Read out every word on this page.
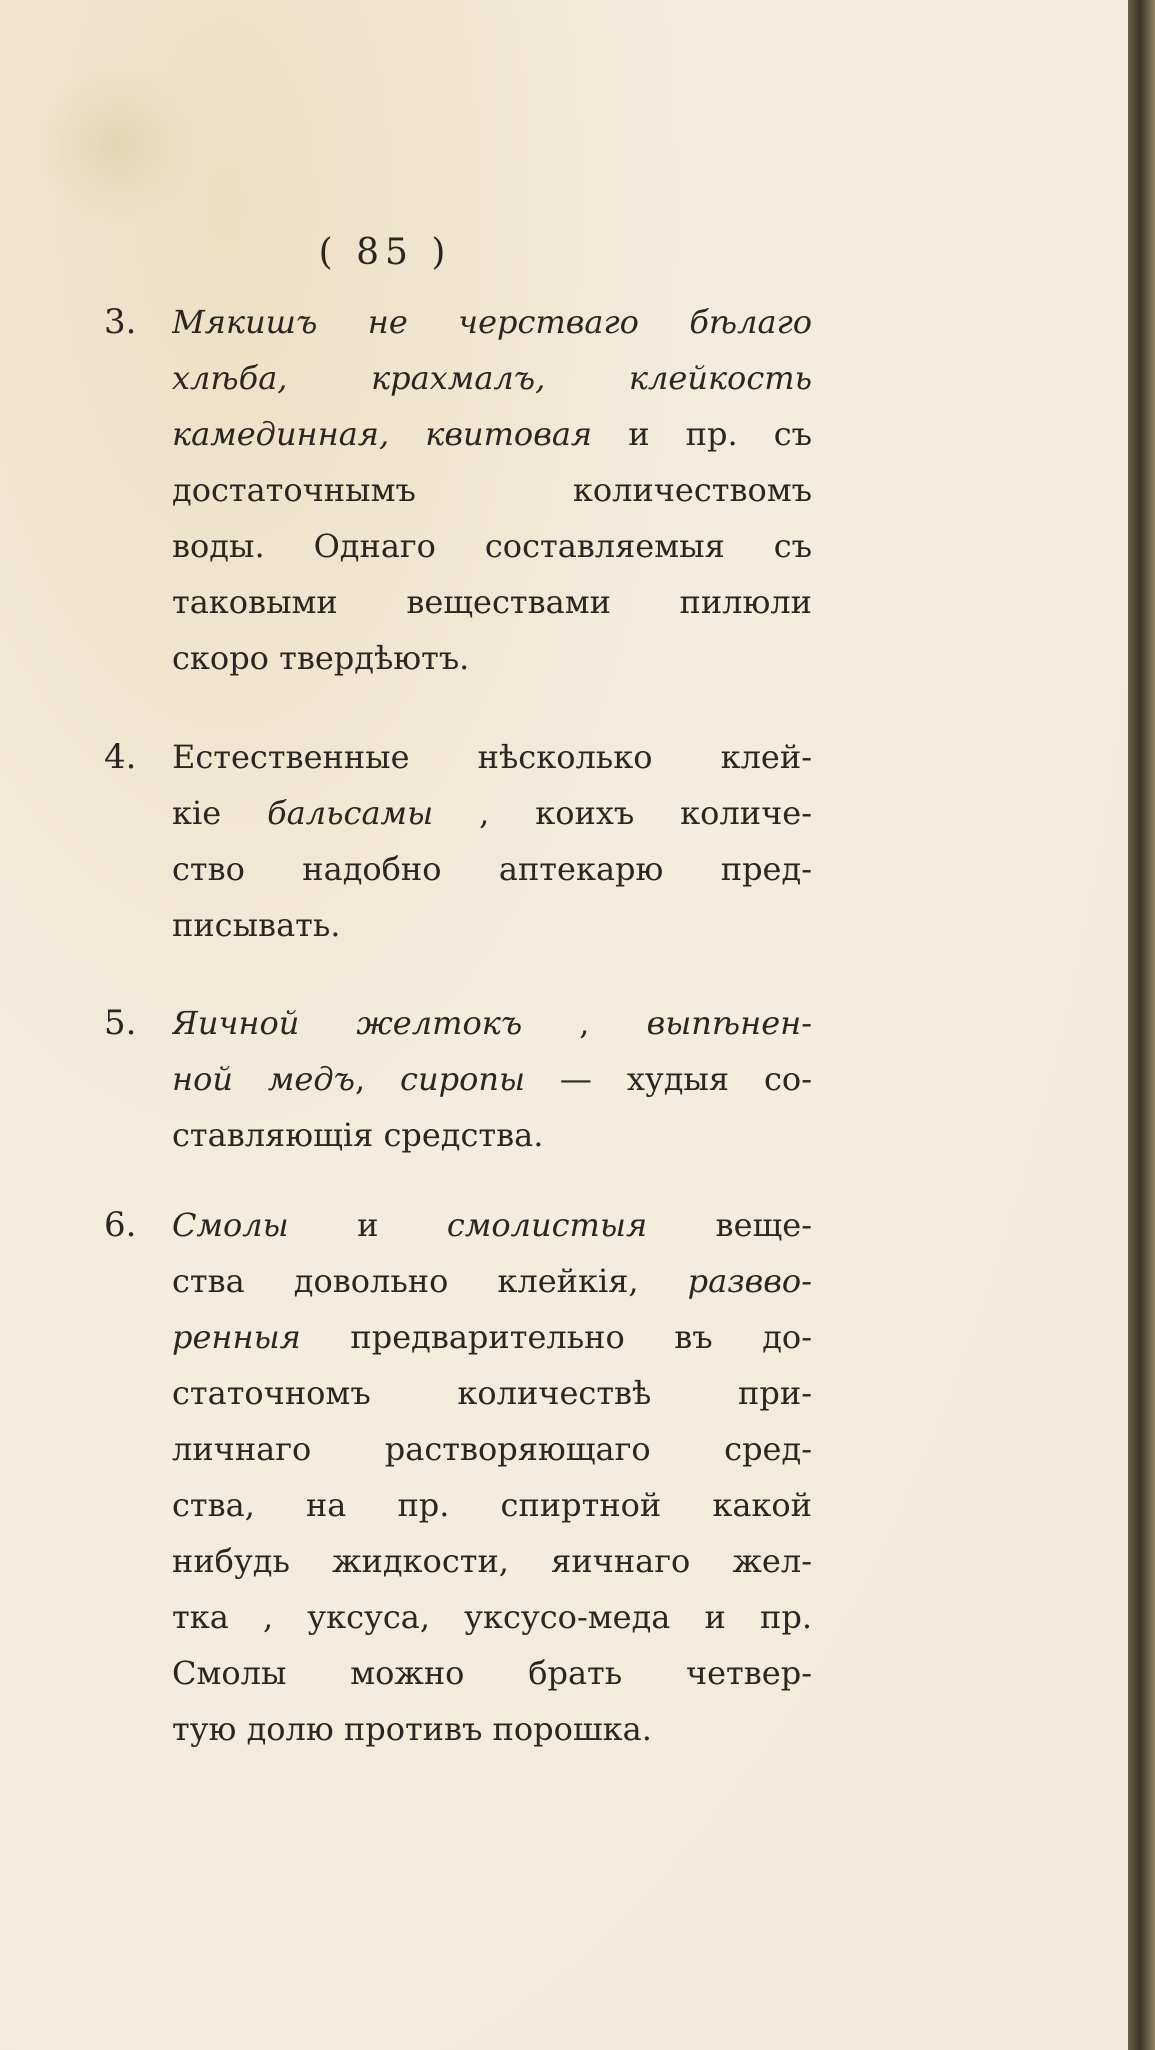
( 85 )
3.	Мякишъ не черстваго бѣлаго
хлѣба, крахмалъ, клейкость
камединная, квитовая и пр. съ
достаточнымъ количествомъ
воды. Однаго составляемыя съ
таковыми веществами пилюли
скоро твердѣютъ.
4.	Естественные нѣсколько клей-
кіе бальсамы , коихъ количе-
ство надобно аптекарю пред-
писывать.
5.	Яичной желтокъ , выпѣнен-
ной медъ, сиропы — худыя со-
ставляющія средства.
6.	Смолы и смолистыя веще-
ства довольно клейкія, развво-
ренныя предварительно въ до-
статочномъ количествѣ при-
личнаго растворяющаго сред-
ства, на пр. спиртной какой
нибудь жидкости, яичнаго жел-
тка , уксуса, уксусо-меда и пр.
Смолы можно брать четвер-
тую долю противъ порошка.
